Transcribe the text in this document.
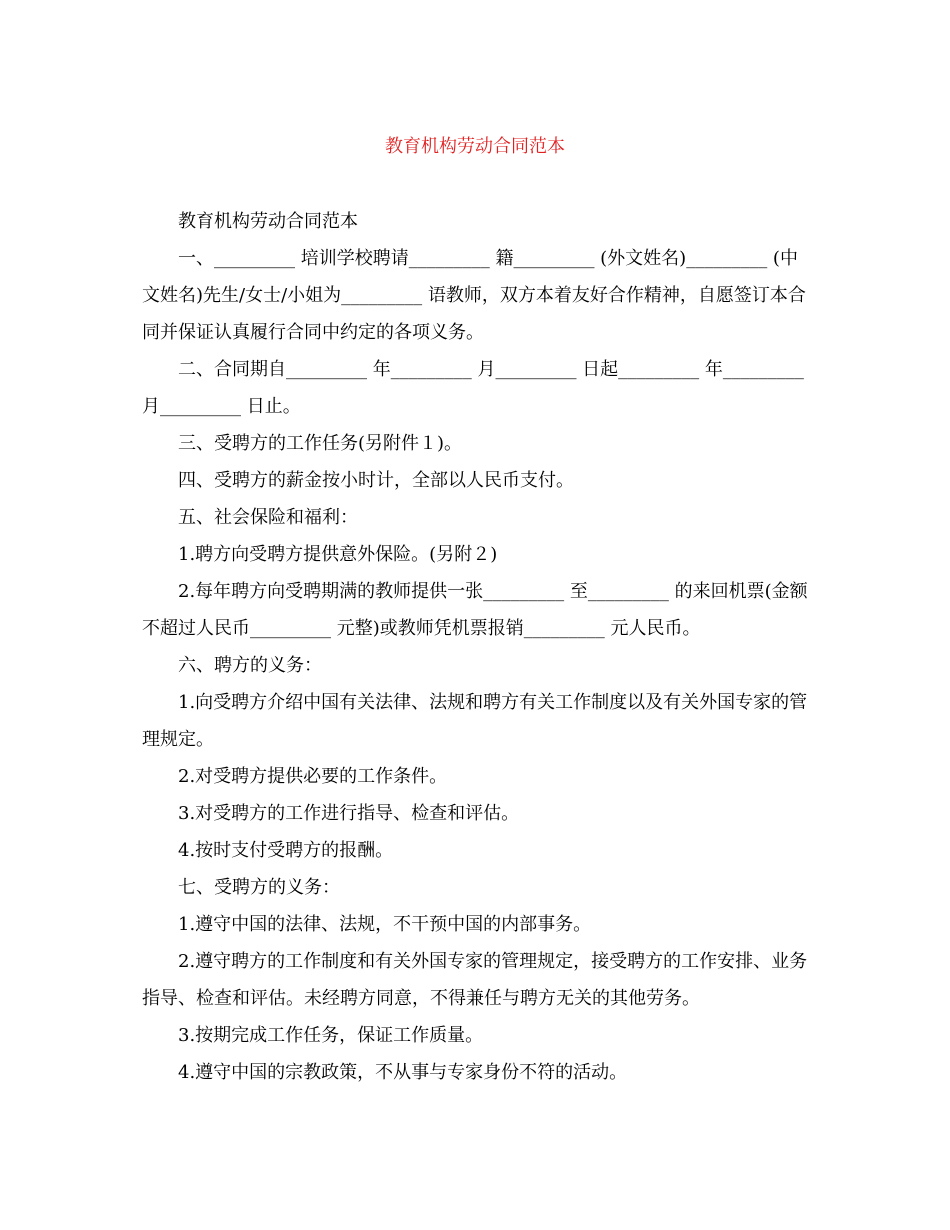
教育机构劳动合同范本

教育机构劳动合同范本

一、_________ 培训学校聘请_________ 籍_________ (外文姓名)_________ (中文姓名)先生/女士/小姐为_________ 语教师，双方本着友好合作精神，自愿签订本合同并保证认真履行合同中约定的各项义务。

二、合同期自_________ 年_________ 月_________ 日起_________ 年_________ 月_________ 日止。

三、受聘方的工作任务(另附件１)。

四、受聘方的薪金按小时计，全部以人民币支付。

五、社会保险和福利：

1.聘方向受聘方提供意外保险。(另附２)

2.每年聘方向受聘期满的教师提供一张_________ 至_________ 的来回机票(金额不超过人民币_________ 元整)或教师凭机票报销_________ 元人民币。

六、聘方的义务：

1.向受聘方介绍中国有关法律、法规和聘方有关工作制度以及有关外国专家的管理规定。

2.对受聘方提供必要的工作条件。

3.对受聘方的工作进行指导、检查和评估。

4.按时支付受聘方的报酬。

七、受聘方的义务：

1.遵守中国的法律、法规，不干预中国的内部事务。

2.遵守聘方的工作制度和有关外国专家的管理规定，接受聘方的工作安排、业务指导、检查和评估。未经聘方同意，不得兼任与聘方无关的其他劳务。

3.按期完成工作任务，保证工作质量。

4.遵守中国的宗教政策，不从事与专家身份不符的活动。
